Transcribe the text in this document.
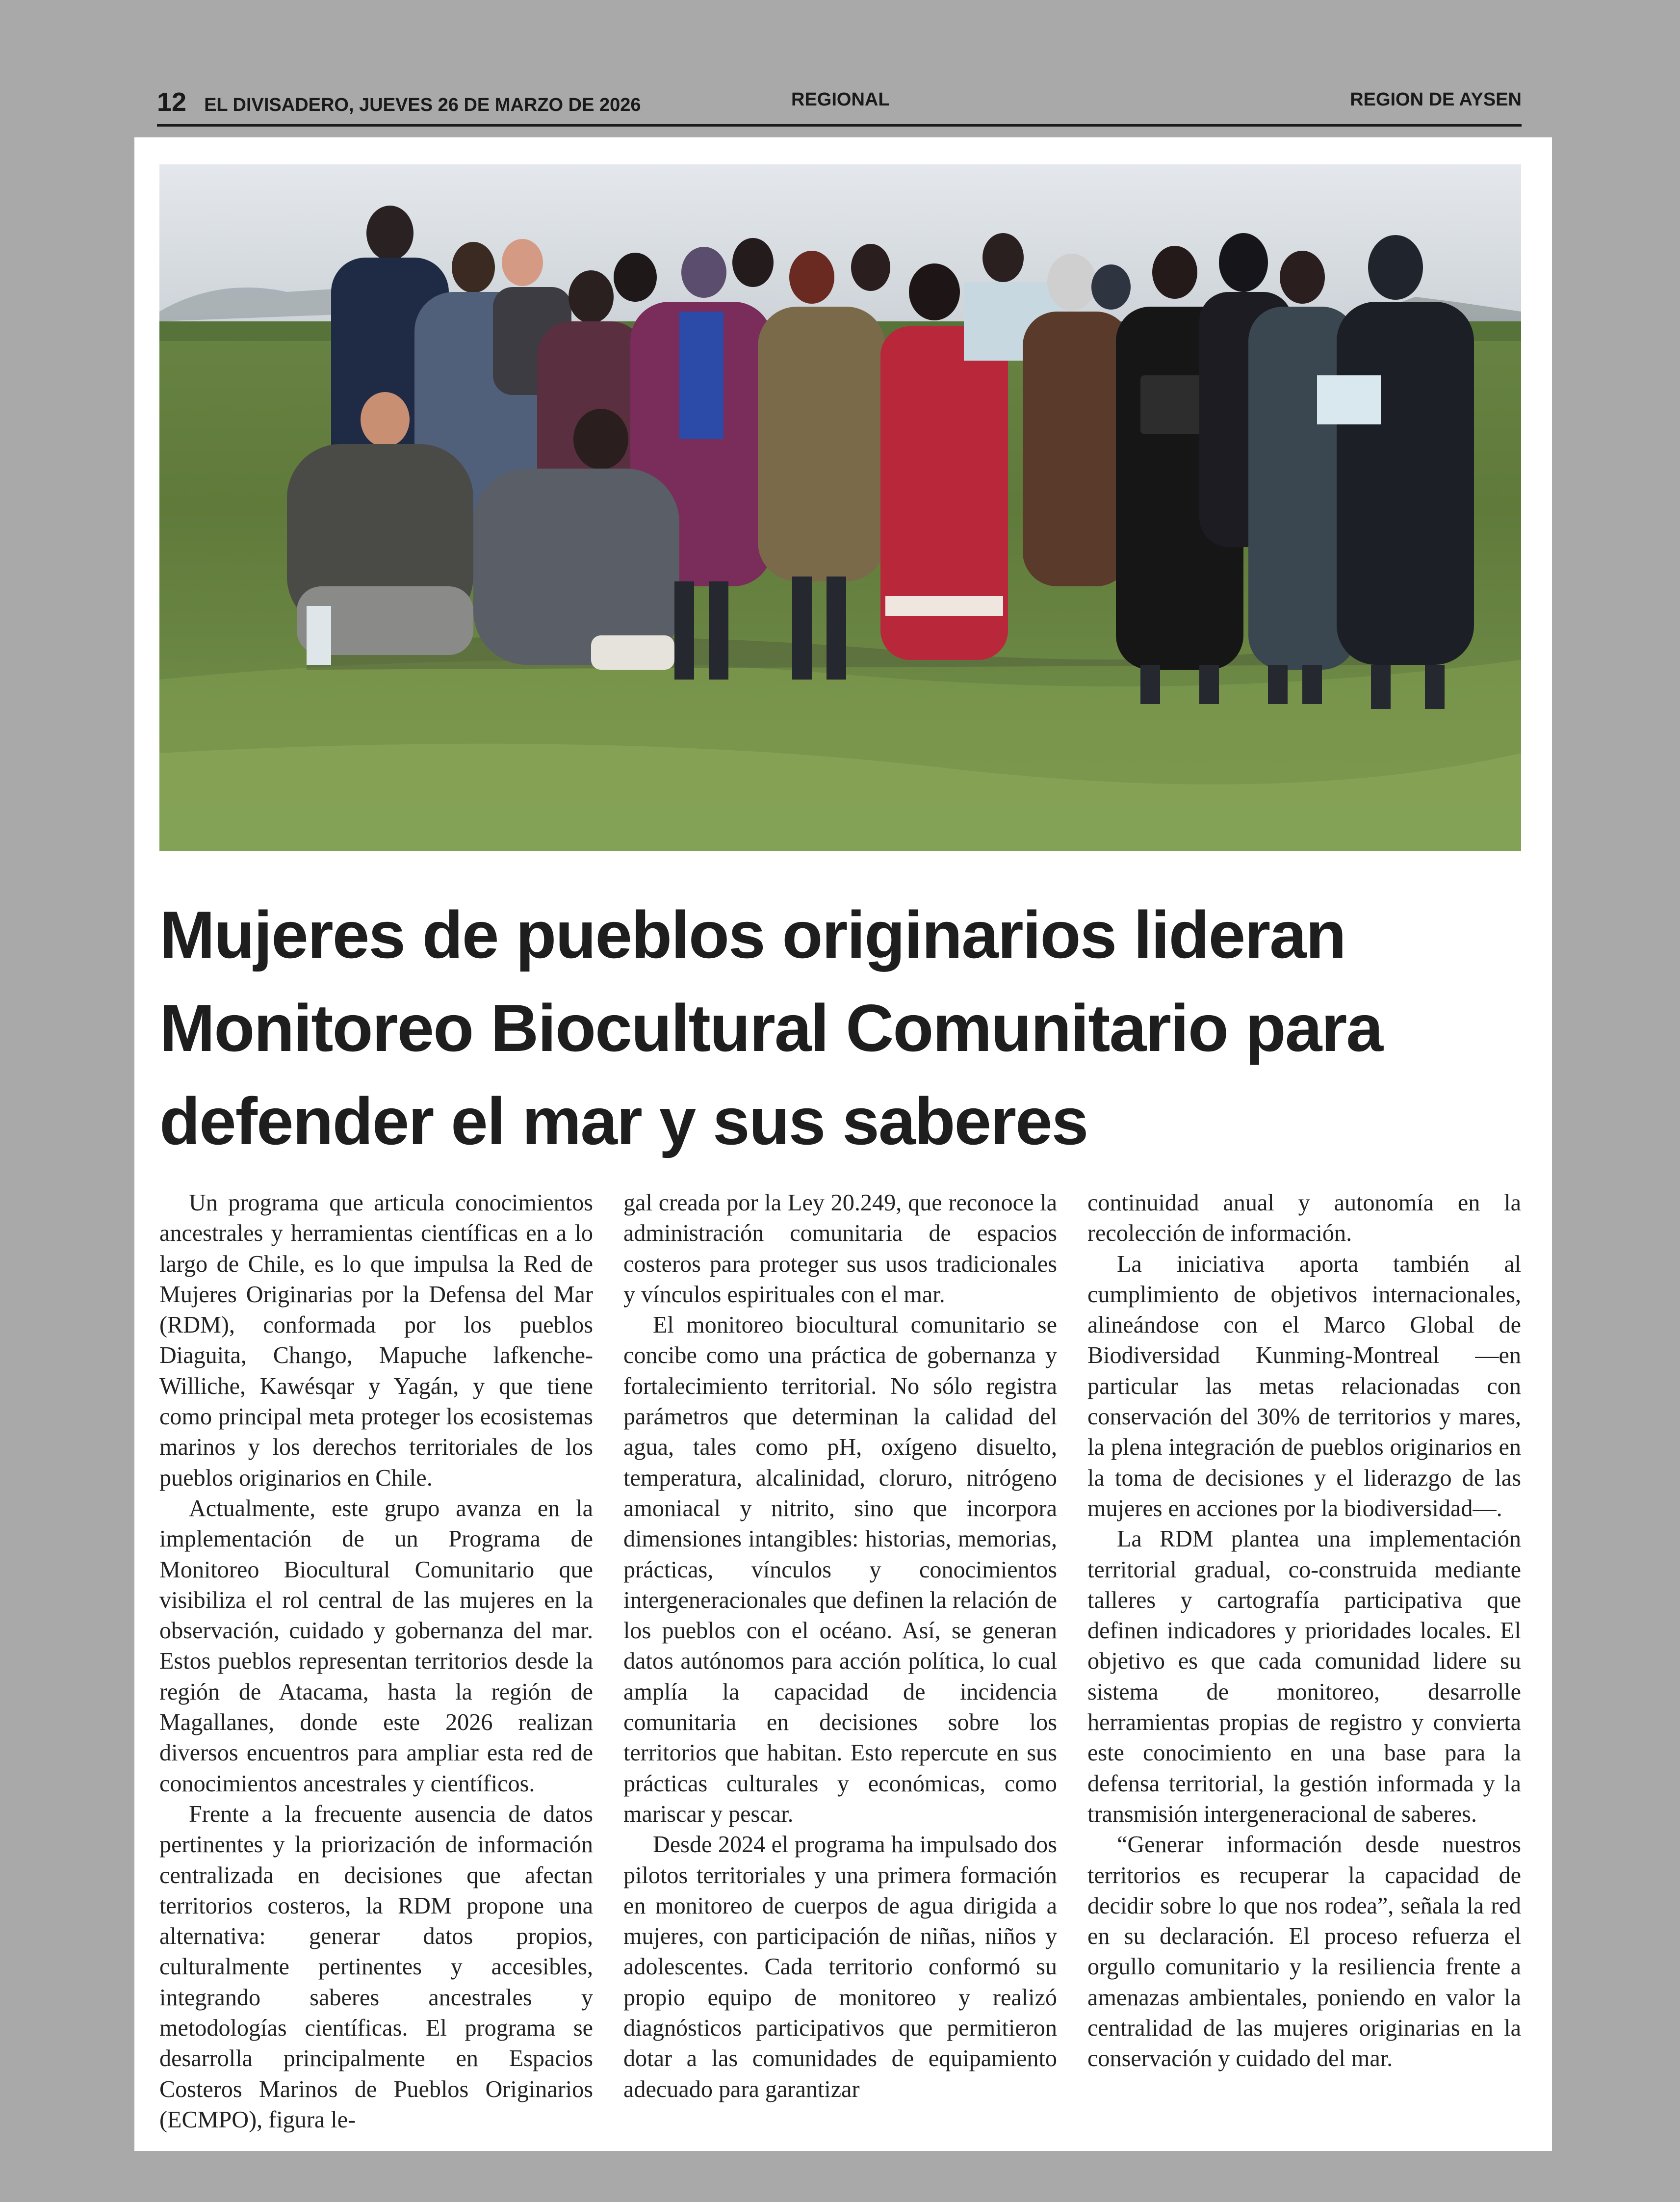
12 EL DIVISADERO, JUEVES 26 DE MARZO DE 2026	REGIONAL	REGION DE AYSEN
Mujeres de pueblos originarios lideran Monitoreo Biocultural Comunitario para defender el mar y sus saberes

Un programa que articula conocimientos ancestrales y herramientas científicas en a lo largo de Chile, es lo que impulsa la Red de Mujeres Originarias por la Defensa del Mar (RDM), conformada por los pueblos Diaguita, Chango, Mapuche lafkenche-Williche, Kawésqar y Yagán, y que tiene como principal meta proteger los ecosistemas marinos y los derechos territoriales de los pueblos originarios en Chile.

Actualmente, este grupo avanza en la implementación de un Programa de Monitoreo Biocultural Comunitario que visibiliza el rol central de las mujeres en la observación, cuidado y gobernanza del mar. Estos pueblos representan territorios desde la región de Atacama, hasta la región de Magallanes, donde este 2026 realizan diversos encuentros para ampliar esta red de conocimientos ancestrales y científicos.

Frente a la frecuente ausencia de datos pertinentes y la priorización de información centralizada en decisiones que afectan territorios costeros, la RDM propone una alternativa: generar datos propios, culturalmente pertinentes y accesibles, integrando saberes ancestrales y metodologías científicas. El programa se desarrolla principalmente en Espacios Costeros Marinos de Pueblos Originarios (ECMPO), figura le-

gal creada por la Ley 20.249, que reconoce la administración comunitaria de espacios costeros para proteger sus usos tradicionales y vínculos espirituales con el mar.

El monitoreo biocultural comunitario se concibe como una práctica de gobernanza y fortalecimiento territorial. No sólo registra parámetros que determinan la calidad del agua, tales como pH, oxígeno disuelto, temperatura, alcalinidad, cloruro, nitrógeno amoniacal y nitrito, sino que incorpora dimensiones intangibles: historias, memorias, prácticas, vínculos y conocimientos intergeneracionales que definen la relación de los pueblos con el océano. Así, se generan datos autónomos para acción política, lo cual amplía la capacidad de incidencia comunitaria en decisiones sobre los territorios que habitan. Esto repercute en sus prácticas culturales y económicas, como mariscar y pescar.

Desde 2024 el programa ha impulsado dos pilotos territoriales y una primera formación en monitoreo de cuerpos de agua dirigida a mujeres, con participación de niñas, niños y adolescentes. Cada territorio conformó su propio equipo de monitoreo y realizó diagnósticos participativos que permitieron dotar a las comunidades de equipamiento adecuado para garantizar

continuidad anual y autonomía en la recolección de información.

La iniciativa aporta también al cumplimiento de objetivos internacionales, alineándose con el Marco Global de Biodiversidad Kunming-Montreal —en particular las metas relacionadas con conservación del 30% de territorios y mares, la plena integración de pueblos originarios en la toma de decisiones y el liderazgo de las mujeres en acciones por la biodiversidad—.

La RDM plantea una implementación territorial gradual, co-construida mediante talleres y cartografía participativa que definen indicadores y prioridades locales. El objetivo es que cada comunidad lidere su sistema de monitoreo, desarrolle herramientas propias de registro y convierta este conocimiento en una base para la defensa territorial, la gestión informada y la transmisión intergeneracional de saberes.

“Generar información desde nuestros territorios es recuperar la capacidad de decidir sobre lo que nos rodea”, señala la red en su declaración. El proceso refuerza el orgullo comunitario y la resiliencia frente a amenazas ambientales, poniendo en valor la centralidad de las mujeres originarias en la conservación y cuidado del mar.
